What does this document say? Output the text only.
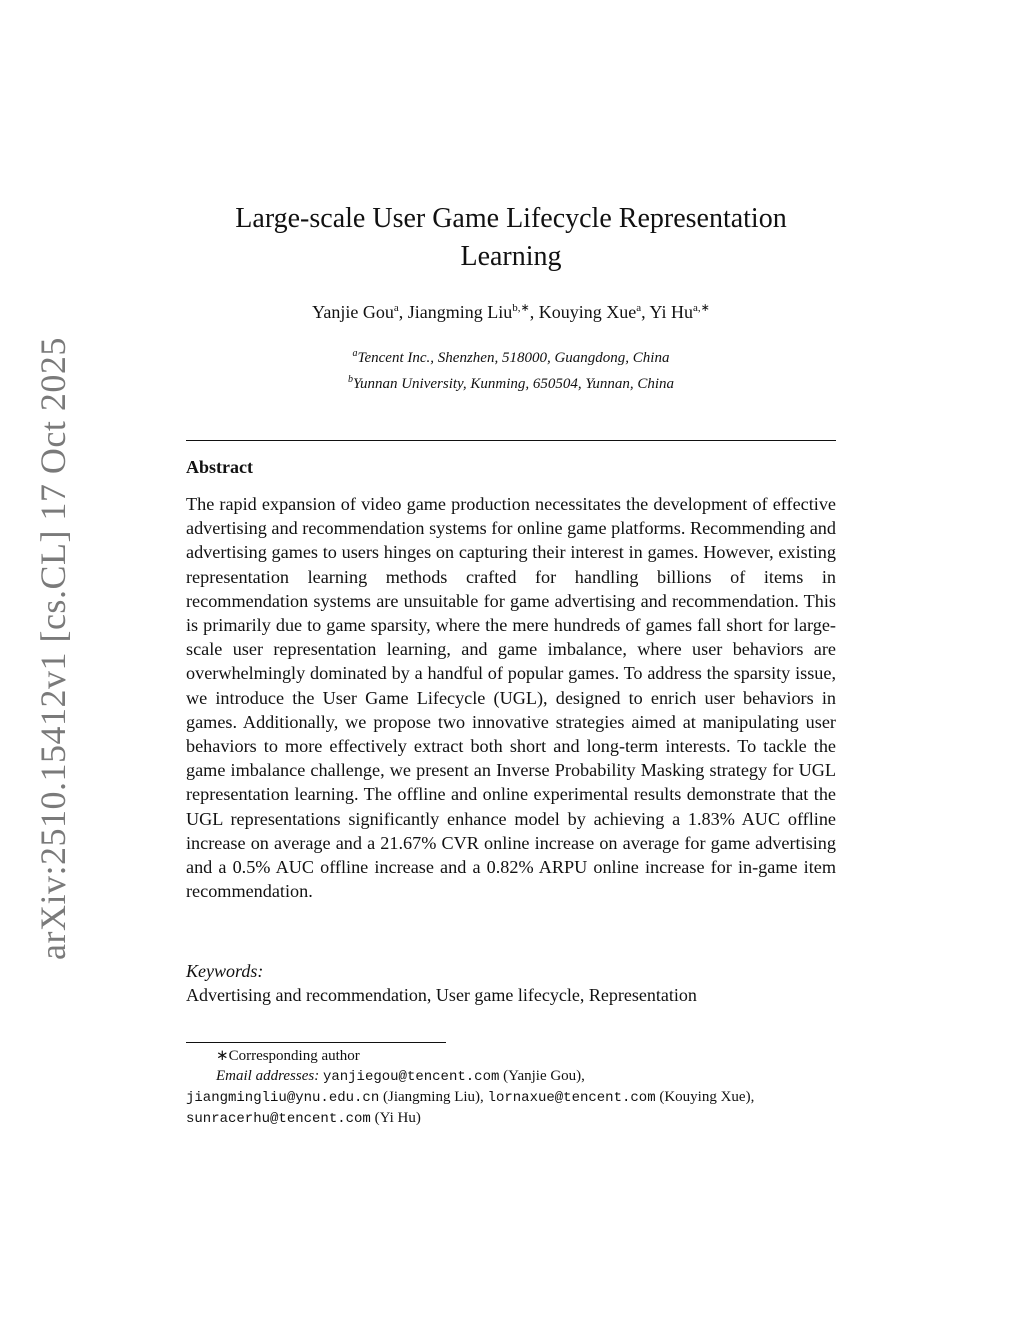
arXiv:2510.15412v1 [cs.CL] 17 Oct 2025
Large-scale User Game Lifecycle Representation
Learning
Yanjie Gou$^a$, Jiangming Liu$^{b,∗}$, Kouying Xue$^a$, Yi $Hu^{a,∗}$
$^a$Tencent Inc., Shenzhen, 518000, Guangdong, China
$^b$Yunnan University, Kunming, 650504, Yunnan, China
Abstract
The rapid expansion of video game production necessitates the development of effective advertising and recommendation systems for online game platforms. Recommending and advertising games to users hinges on capturing their interest in games. However, existing representation learning methods crafted for handling billions of items in recommendation systems are unsuitable for game advertising and recommendation. This is primarily due to game sparsity, where the mere hundreds of games fall short for large-scale user representation learning, and game imbalance, where user behaviors are overwhelmingly dominated by a handful of popular games. To address the sparsity issue, we introduce the User Game Lifecycle (UGL), designed to enrich user behaviors in games. Additionally, we propose two innovative strategies aimed at manipulating user behaviors to more effectively extract both short and long-term interests. To tackle the game imbalance challenge, we present an Inverse Probability Masking strategy for UGL representation learning. The offline and online experimental results demonstrate that the UGL representations significantly enhance model by achieving a 1.83% AUC offline increase on average and a 21.67% CVR online increase on average for game advertising and a 0.5% AUC offline increase and a 0.82% ARPU online increase for in-game item recommendation.
Keywords:
Advertising and recommendation, User game lifecycle, Representation
∗Corresponding author
Email addresses: yanjiegou@tencent.com (Yanjie Gou),
jiangmingliu@ynu.edu.cn (Jiangming Liu), lornaxue@tencent.com (Kouying Xue),
sunracerhu@tencent.com (Yi Hu)
